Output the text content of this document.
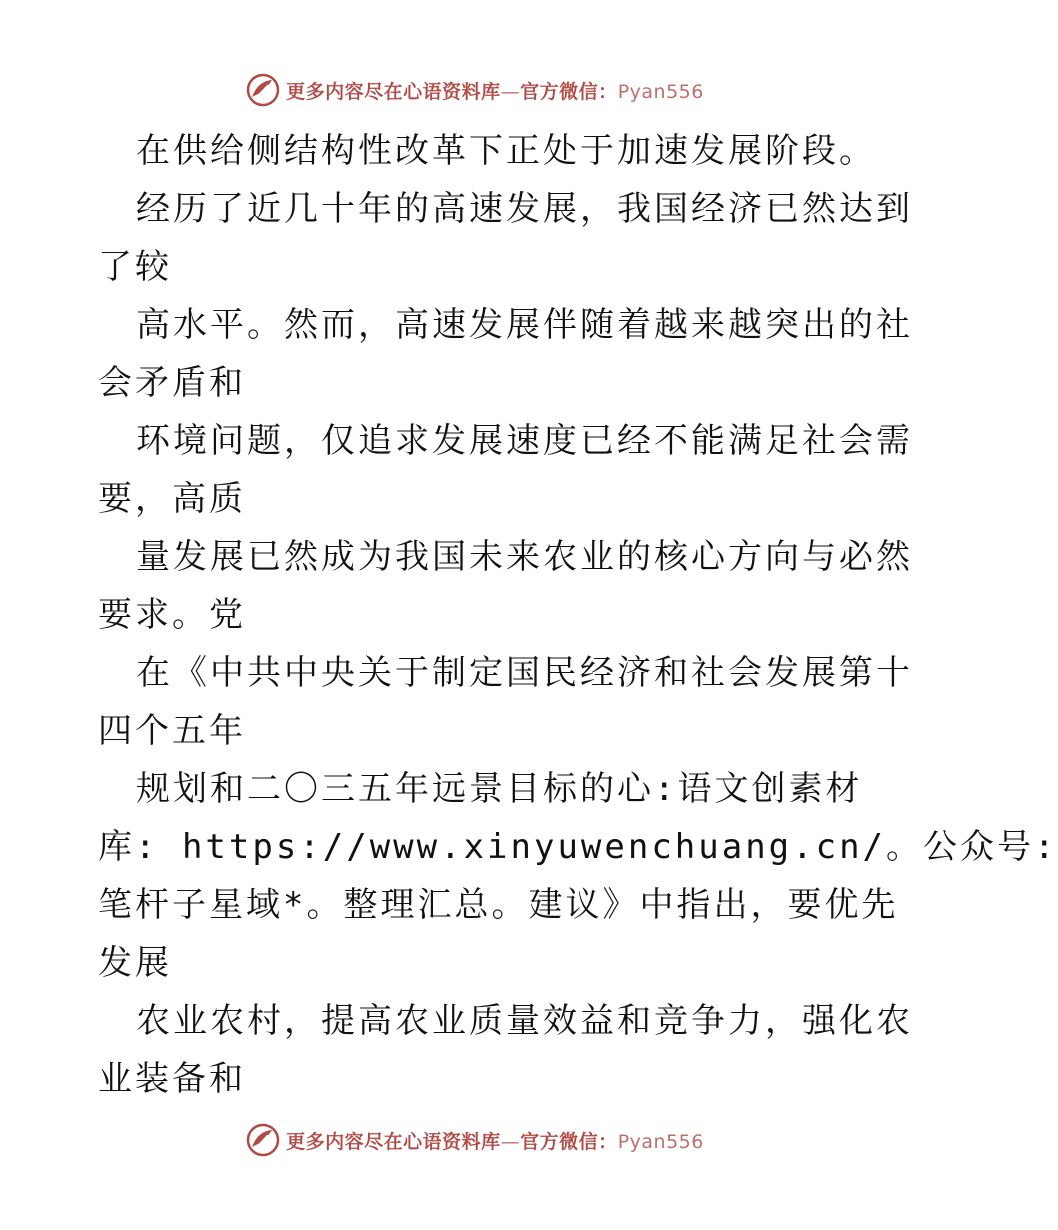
更多内容尽在心语资料库—官方微信：Pyan556
在供给侧结构性改革下正处于加速发展阶段。
经历了近几十年的高速发展，我国经济已然达到
了较
高水平。然而，高速发展伴随着越来越突出的社
会矛盾和
环境问题，仅追求发展速度已经不能满足社会需
要，高质
量发展已然成为我国未来农业的核心方向与必然
要求。党
在《中共中央关于制定国民经济和社会发展第十
四个五年
规划和二〇三五年远景目标的心:语文创素材
库: https://www.xinyuwenchuang.cn/。公众号:
笔杆子星域*。整理汇总。建议》中指出，要优先
发展
农业农村，提高农业质量效益和竞争力，强化农
业装备和
更多内容尽在心语资料库—官方微信：Pyan556
